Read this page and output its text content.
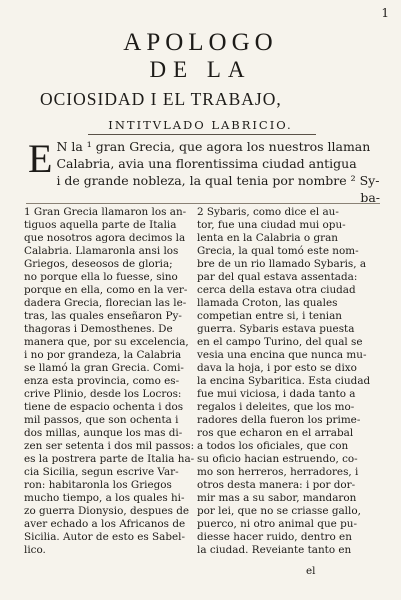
1
APOLOGO
DE LA
OCIOSIDAD I EL TRABAJO,
INTITVLADO LABRICIO.
E N la ¹ gran Grecia, que agora los nuestros llaman
Calabria, avia una florentissima ciudad antigua
i de grande nobleza, la qual tenia por nombre ² Sy-
ba-
1 Gran Grecia llamaron los an-
tiguos aquella parte de Italia
que nosotros agora decimos la
Calabria. Llamaronla ansi los
Griegos, deseosos de gloria;
no porque ella lo fuesse, sino
porque en ella, como en la ver-
dadera Grecia, florecian las le-
tras, las quales enseñaron Py-
thagoras i Demosthenes. De
manera que, por su excelencia,
i no por grandeza, la Calabria
se llamó la gran Grecia. Comi-
enza esta provincia, como es-
crive Plinio, desde los Locros:
tiene de espacio ochenta i dos
mil passos, que son ochenta i
dos millas, aunque los mas di-
zen ser setenta i dos mil passos:
es la postrera parte de Italia ha-
cia Sicilia, segun escrive Var-
ron: habitaronla los Griegos
mucho tiempo, a los quales hi-
zo guerra Dionysio, despues de
aver echado a los Africanos de
Sicilia. Autor de esto es Sabel-
lico.
2 Sybaris, como dice el au-
tor, fue una ciudad mui opu-
lenta en la Calabria o gran
Grecia, la qual tomó este nom-
bre de un rio llamado Sybaris, a
par del qual estava assentada:
cerca della estava otra ciudad
llamada Croton, las quales
competian entre si, i tenian
guerra. Sybaris estava puesta
en el campo Turino, del qual se
vesia una encina que nunca mu-
dava la hoja, i por esto se dixo
la encina Sybaritica. Esta ciudad
fue mui viciosa, i dada tanto a
regalos i deleites, que los mo-
radores della fueron los prime-
ros que echaron en el arrabal
a todos los oficiales, que con
su oficio hacian estruendo, co-
mo son herreros, herradores, i
otros desta manera: i por dor-
mir mas a su sabor, mandaron
por lei, que no se criasse gallo,
puerco, ni otro animal que pu-
diesse hacer ruido, dentro en
la ciudad. Reveiante tanto en
el
